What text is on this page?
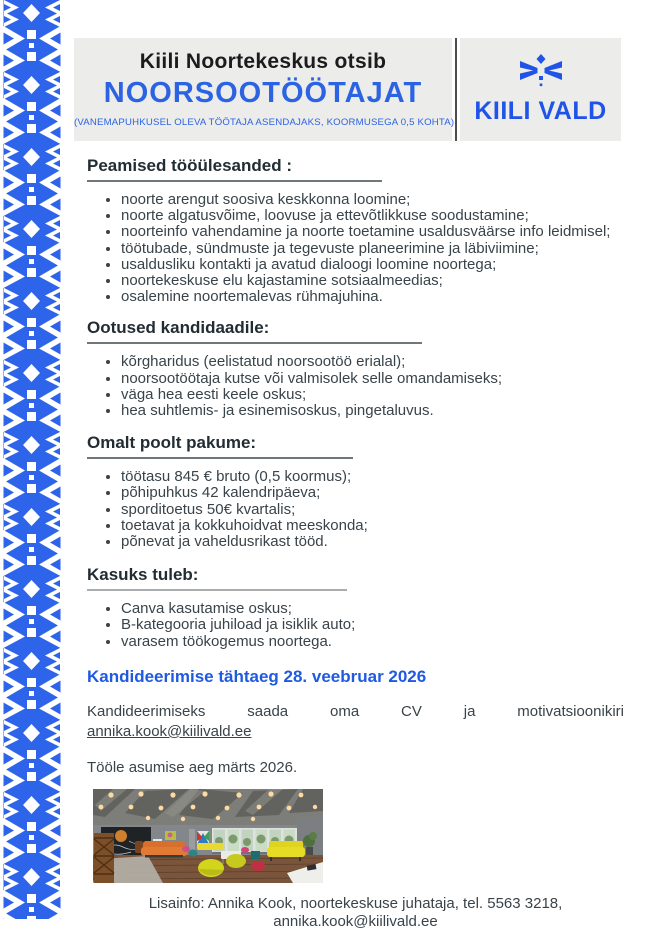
Kiili Noortekeskus otsib
NOORSOOTÖÖTAJAT
(VANEMAPUHKUSEL OLEVA TÖÖTAJA ASENDAJAKS, KOORMUSEGA 0,5 KOHTA) KIILI VALD
Peamised tööülesanded :
• noorte arengut soosiva keskkonna loomine;
• noorte algatusvõime, loovuse ja ettevõtlikkuse soodustamine;
• noorteinfo vahendamine ja noorte toetamine usaldusväärse info leidmisel;
• töötubade, sündmuste ja tegevuste planeerimine ja läbiviimine;
• usaldusliku kontakti ja avatud dialoogi loomine noortega;
• noortekeskuse elu kajastamine sotsiaalmeedias;
• osalemine noortemalevas rühmajuhina.
Ootused kandidaadile:
• kõrgharidus (eelistatud noorsootöö erialal);
• noorsootöötaja kutse või valmisolek selle omandamiseks;
• väga hea eesti keele oskus;
• hea suhtlemis- ja esinemisoskus, pingetaluvus.
Omalt poolt pakume:
• töötasu 845 € bruto (0,5 koormus);
• põhipuhkus 42 kalendripäeva;
• sporditoetus 50€ kvartalis;
• toetavat ja kokkuhoidvat meeskonda;
• põnevat ja vaheldusrikast tööd.
Kasuks tuleb:
• Canva kasutamise oskus;
• B-kategooria juhiload ja isiklik auto;
• varasem töökogemus noortega.
Kandideerimise tähtaeg 28. veebruar 2026
Kandideerimiseks saada oma CV ja motivatsioonikiri
annika.kook@kiilivald.ee
Tööle asumise aeg märts 2026.
Lisainfo: Annika Kook, noortekeskuse juhataja, tel. 5563 3218,
annika.kook@kiilivald.ee
